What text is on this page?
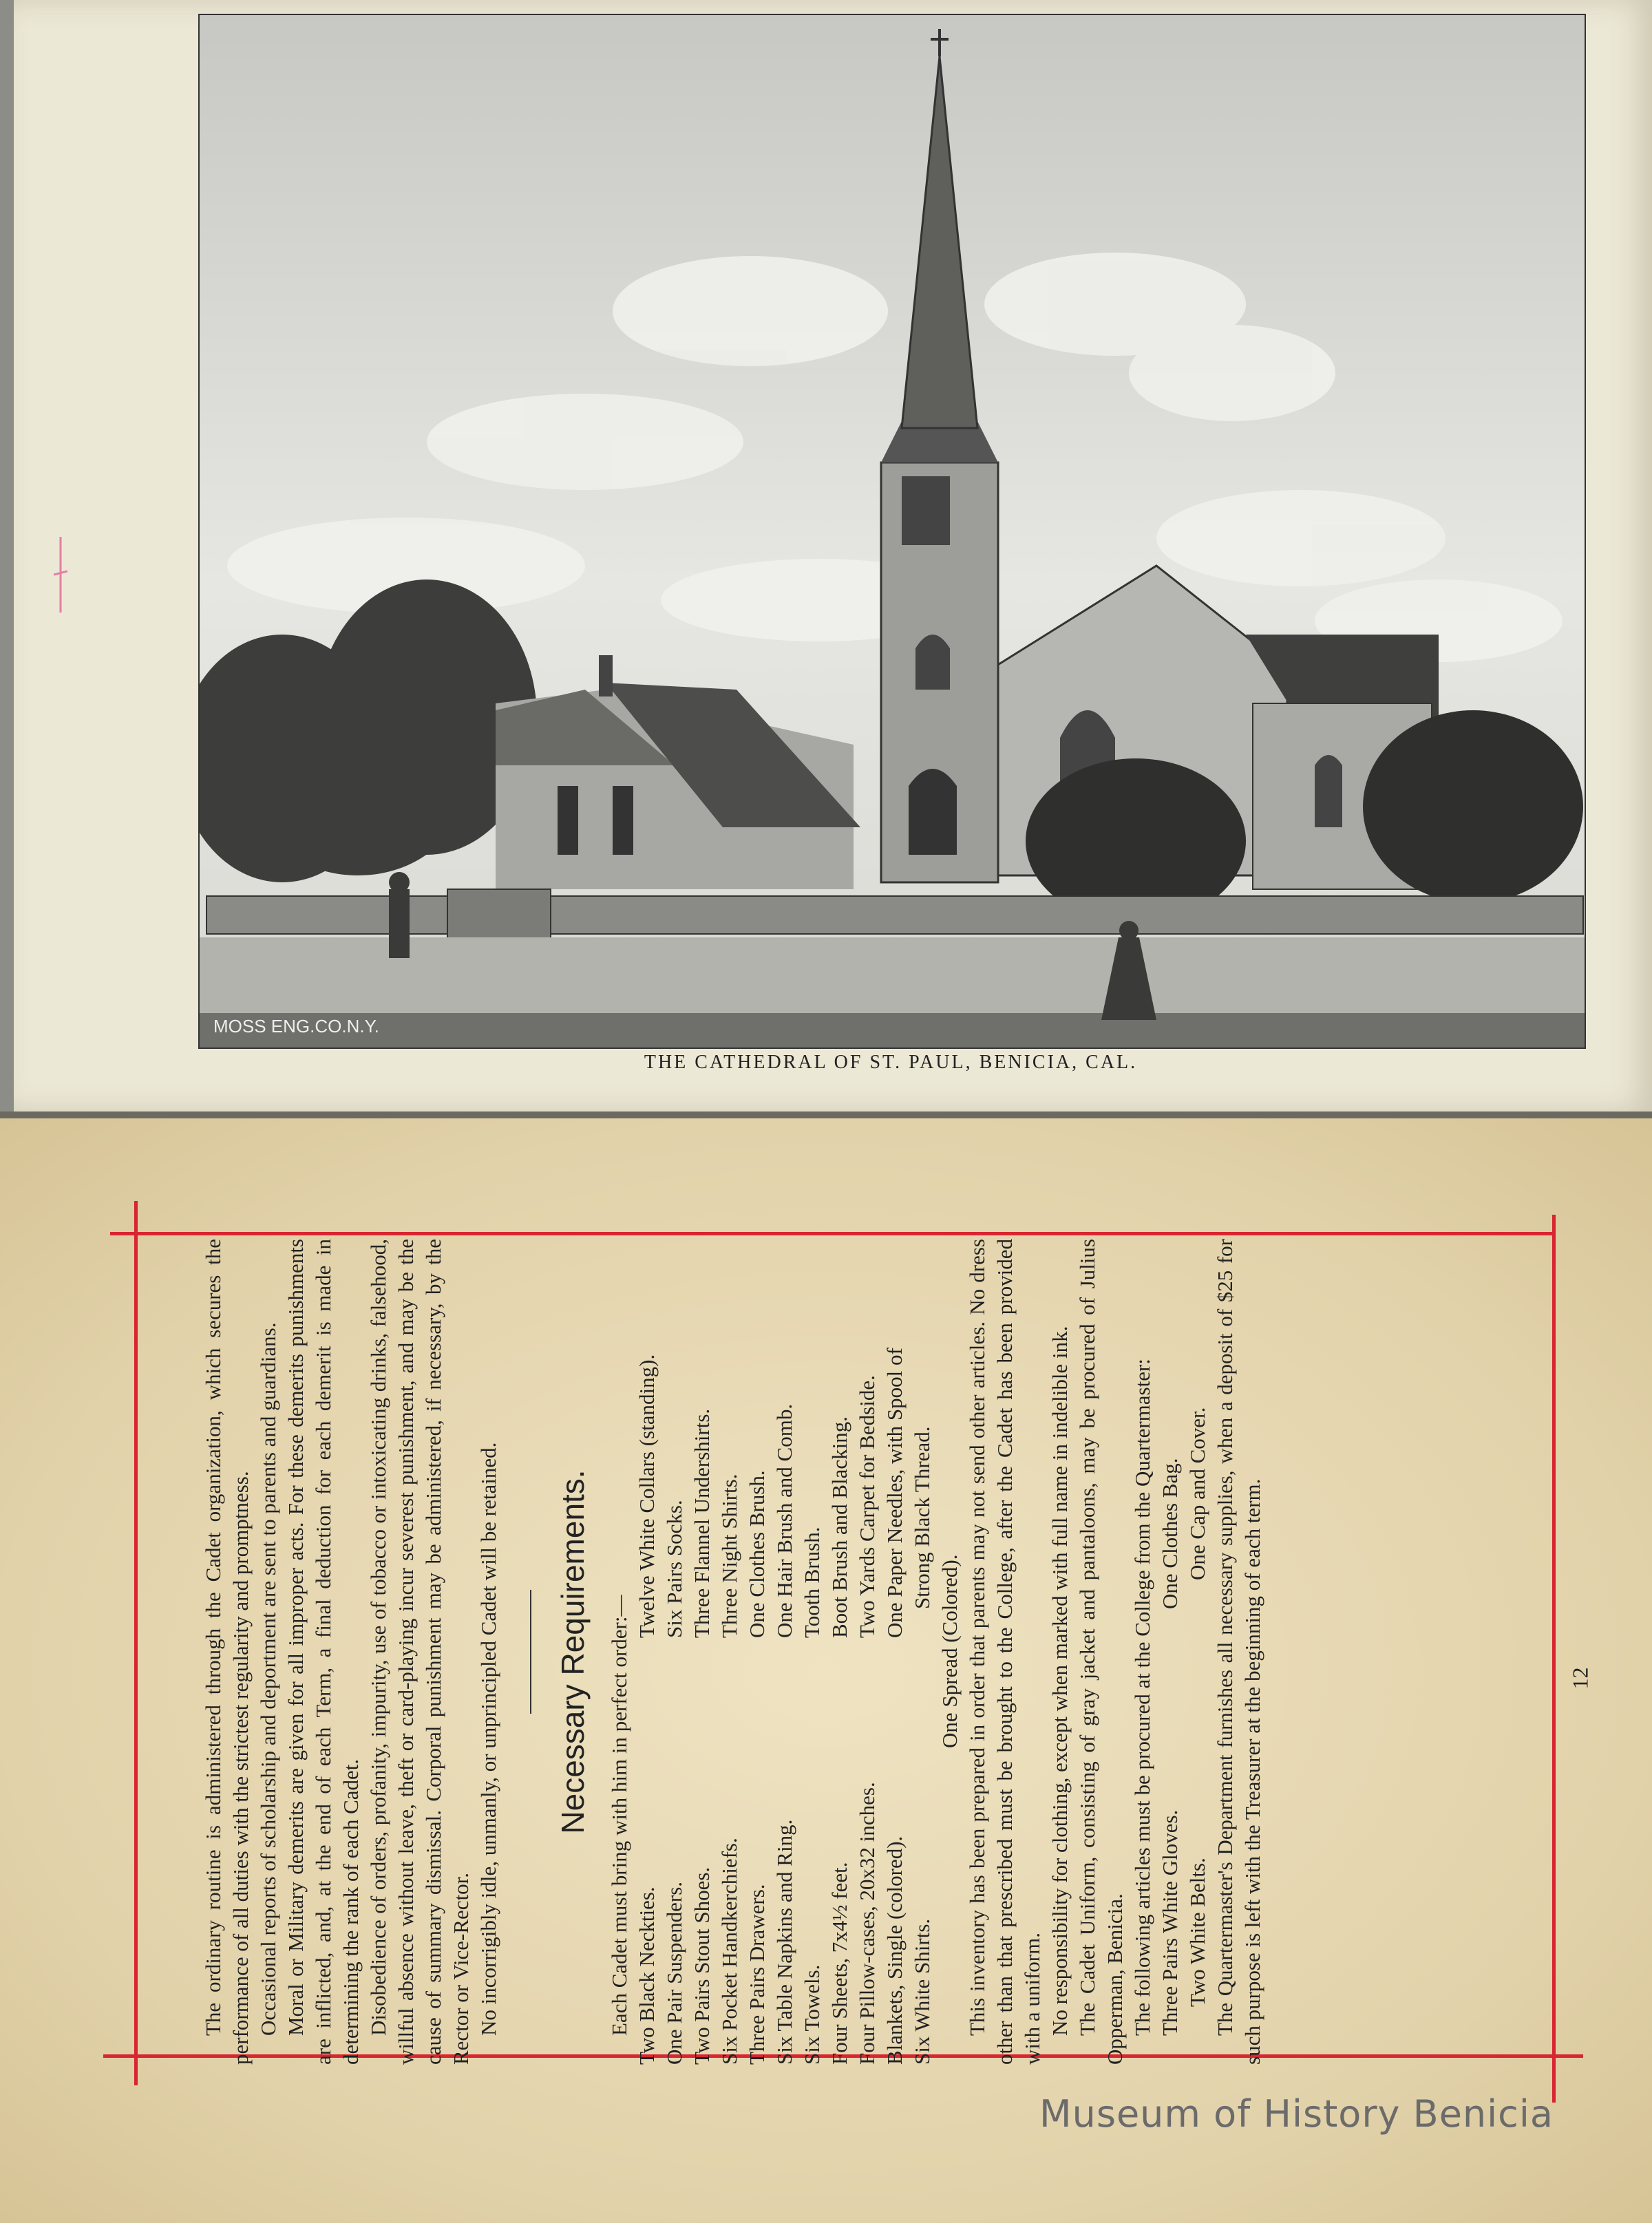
MOSS ENG.CO.N.Y.
THE CATHEDRAL OF ST. PAUL, BENICIA, CAL.

The ordinary routine is administered through the Cadet organization, which secures the performance of all duties with the strictest regularity and promptness. Occasional reports of scholarship and deportment are sent to parents and guardians. Moral or Military demerits are given for all improper acts. For these demerits punishments are inflicted, and, at the end of each Term, a final deduction for each demerit is made in determining the rank of each Cadet. Disobedience of orders, profanity, impurity, use of tobacco or intoxicating drinks, falsehood, willful absence without leave, theft or card-playing incur severest punishment, and may be the cause of summary dismissal. Corporal punishment may be administered, if necessary, by the Rector or Vice-Rector. No incorrigibly idle, unmanly, or unprincipled Cadet will be retained. Necessary Requirements. Each Cadet must bring with him in perfect order:— Two Black Neckties.
Twelve White Collars (standing).
One Pair Suspenders.
Six Pairs Socks.
Two Pairs Stout Shoes.
Three Flannel Undershirts.
Six Pocket Handkerchiefs.
Three Night Shirts.
Three Pairs Drawers.
One Clothes Brush.
Six Table Napkins and Ring.
One Hair Brush and Comb.
Six Towels.
Tooth Brush.
Four Sheets, 7x4½ feet.
Boot Brush and Blacking.
Four Pillow-cases, 20x32 inches.
Two Yards Carpet for Bedside.
Blankets, Single (colored).
One Paper Needles, with Spool of
Six White Shirts.
Strong Black Thread.
One Spread (Colored). This inventory has been prepared in order that parents may not send other articles. No dress other than that prescribed must be brought to the College, after the Cadet has been provided with a uniform. No responsibility for clothing, except when marked with full name in indelible ink. The Cadet Uniform, consisting of gray jacket and pantaloons, may be procured of Julius Opperman, Benicia. The following articles must be procured at the College from the Quartermaster: Three Pairs White Gloves.
One Clothes Bag.
Two White Belts.
One Cap and Cover. The Quartermaster's Department furnishes all necessary supplies, when a deposit of $25 for such purpose is left with the Treasurer at the beginning of each term.	12
Museum of History Benicia
